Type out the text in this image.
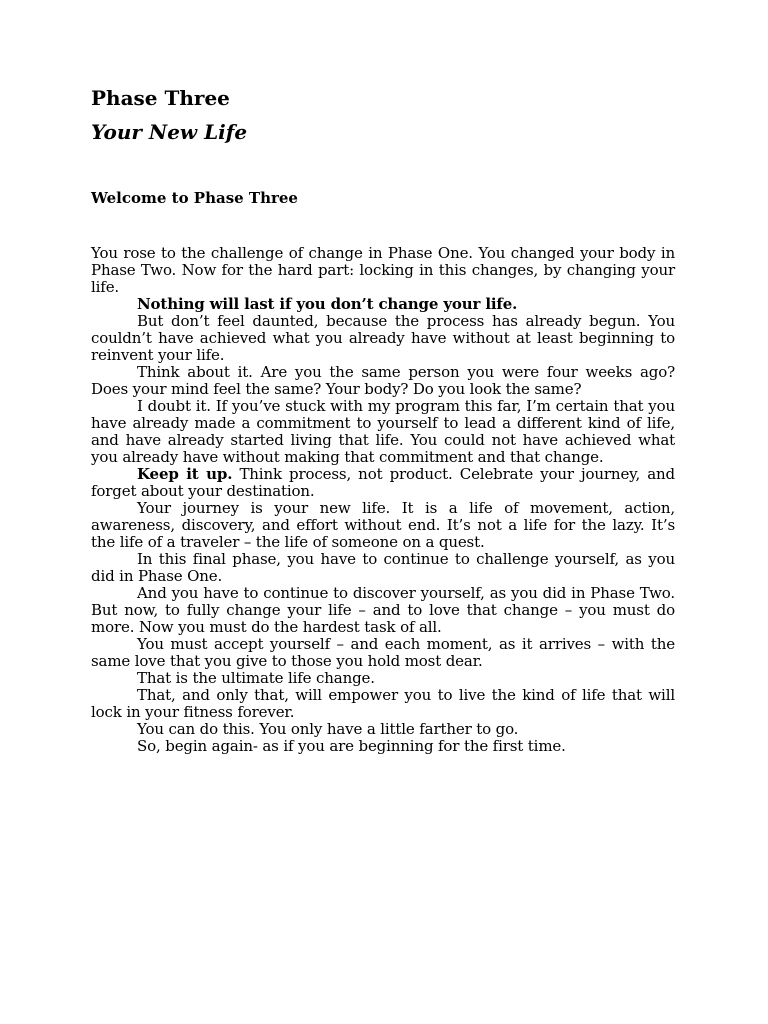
Phase Three
Your New Life
Welcome to Phase Three

You rose to the challenge of change in Phase One. You changed your body in Phase Two. Now for the hard part: locking in this changes, by changing your life.

Nothing will last if you don’t change your life.

But don’t feel daunted, because the process has already begun. You couldn’t have achieved what you already have without at least beginning to reinvent your life.

Think about it. Are you the same person you were four weeks ago? Does your mind feel the same? Your body? Do you look the same?

I doubt it. If you’ve stuck with my program this far, I’m certain that you have already made a commitment to yourself to lead a different kind of life, and have already started living that life. You could not have achieved what you already have without making that commitment and that change.

Keep it up. Think process, not product. Celebrate your journey, and forget about your destination.

Your journey is your new life. It is a life of movement, action, awareness, discovery, and effort without end. It’s not a life for the lazy. It’s the life of a traveler – the life of someone on a quest.

In this final phase, you have to continue to challenge yourself, as you did in Phase One.

And you have to continue to discover yourself, as you did in Phase Two. But now, to fully change your life – and to love that change – you must do more. Now you must do the hardest task of all.

You must accept yourself – and each moment, as it arrives – with the same love that you give to those you hold most dear.

That is the ultimate life change.

That, and only that, will empower you to live the kind of life that will lock in your fitness forever.

You can do this. You only have a little farther to go.

So, begin again- as if you are beginning for the first time.
